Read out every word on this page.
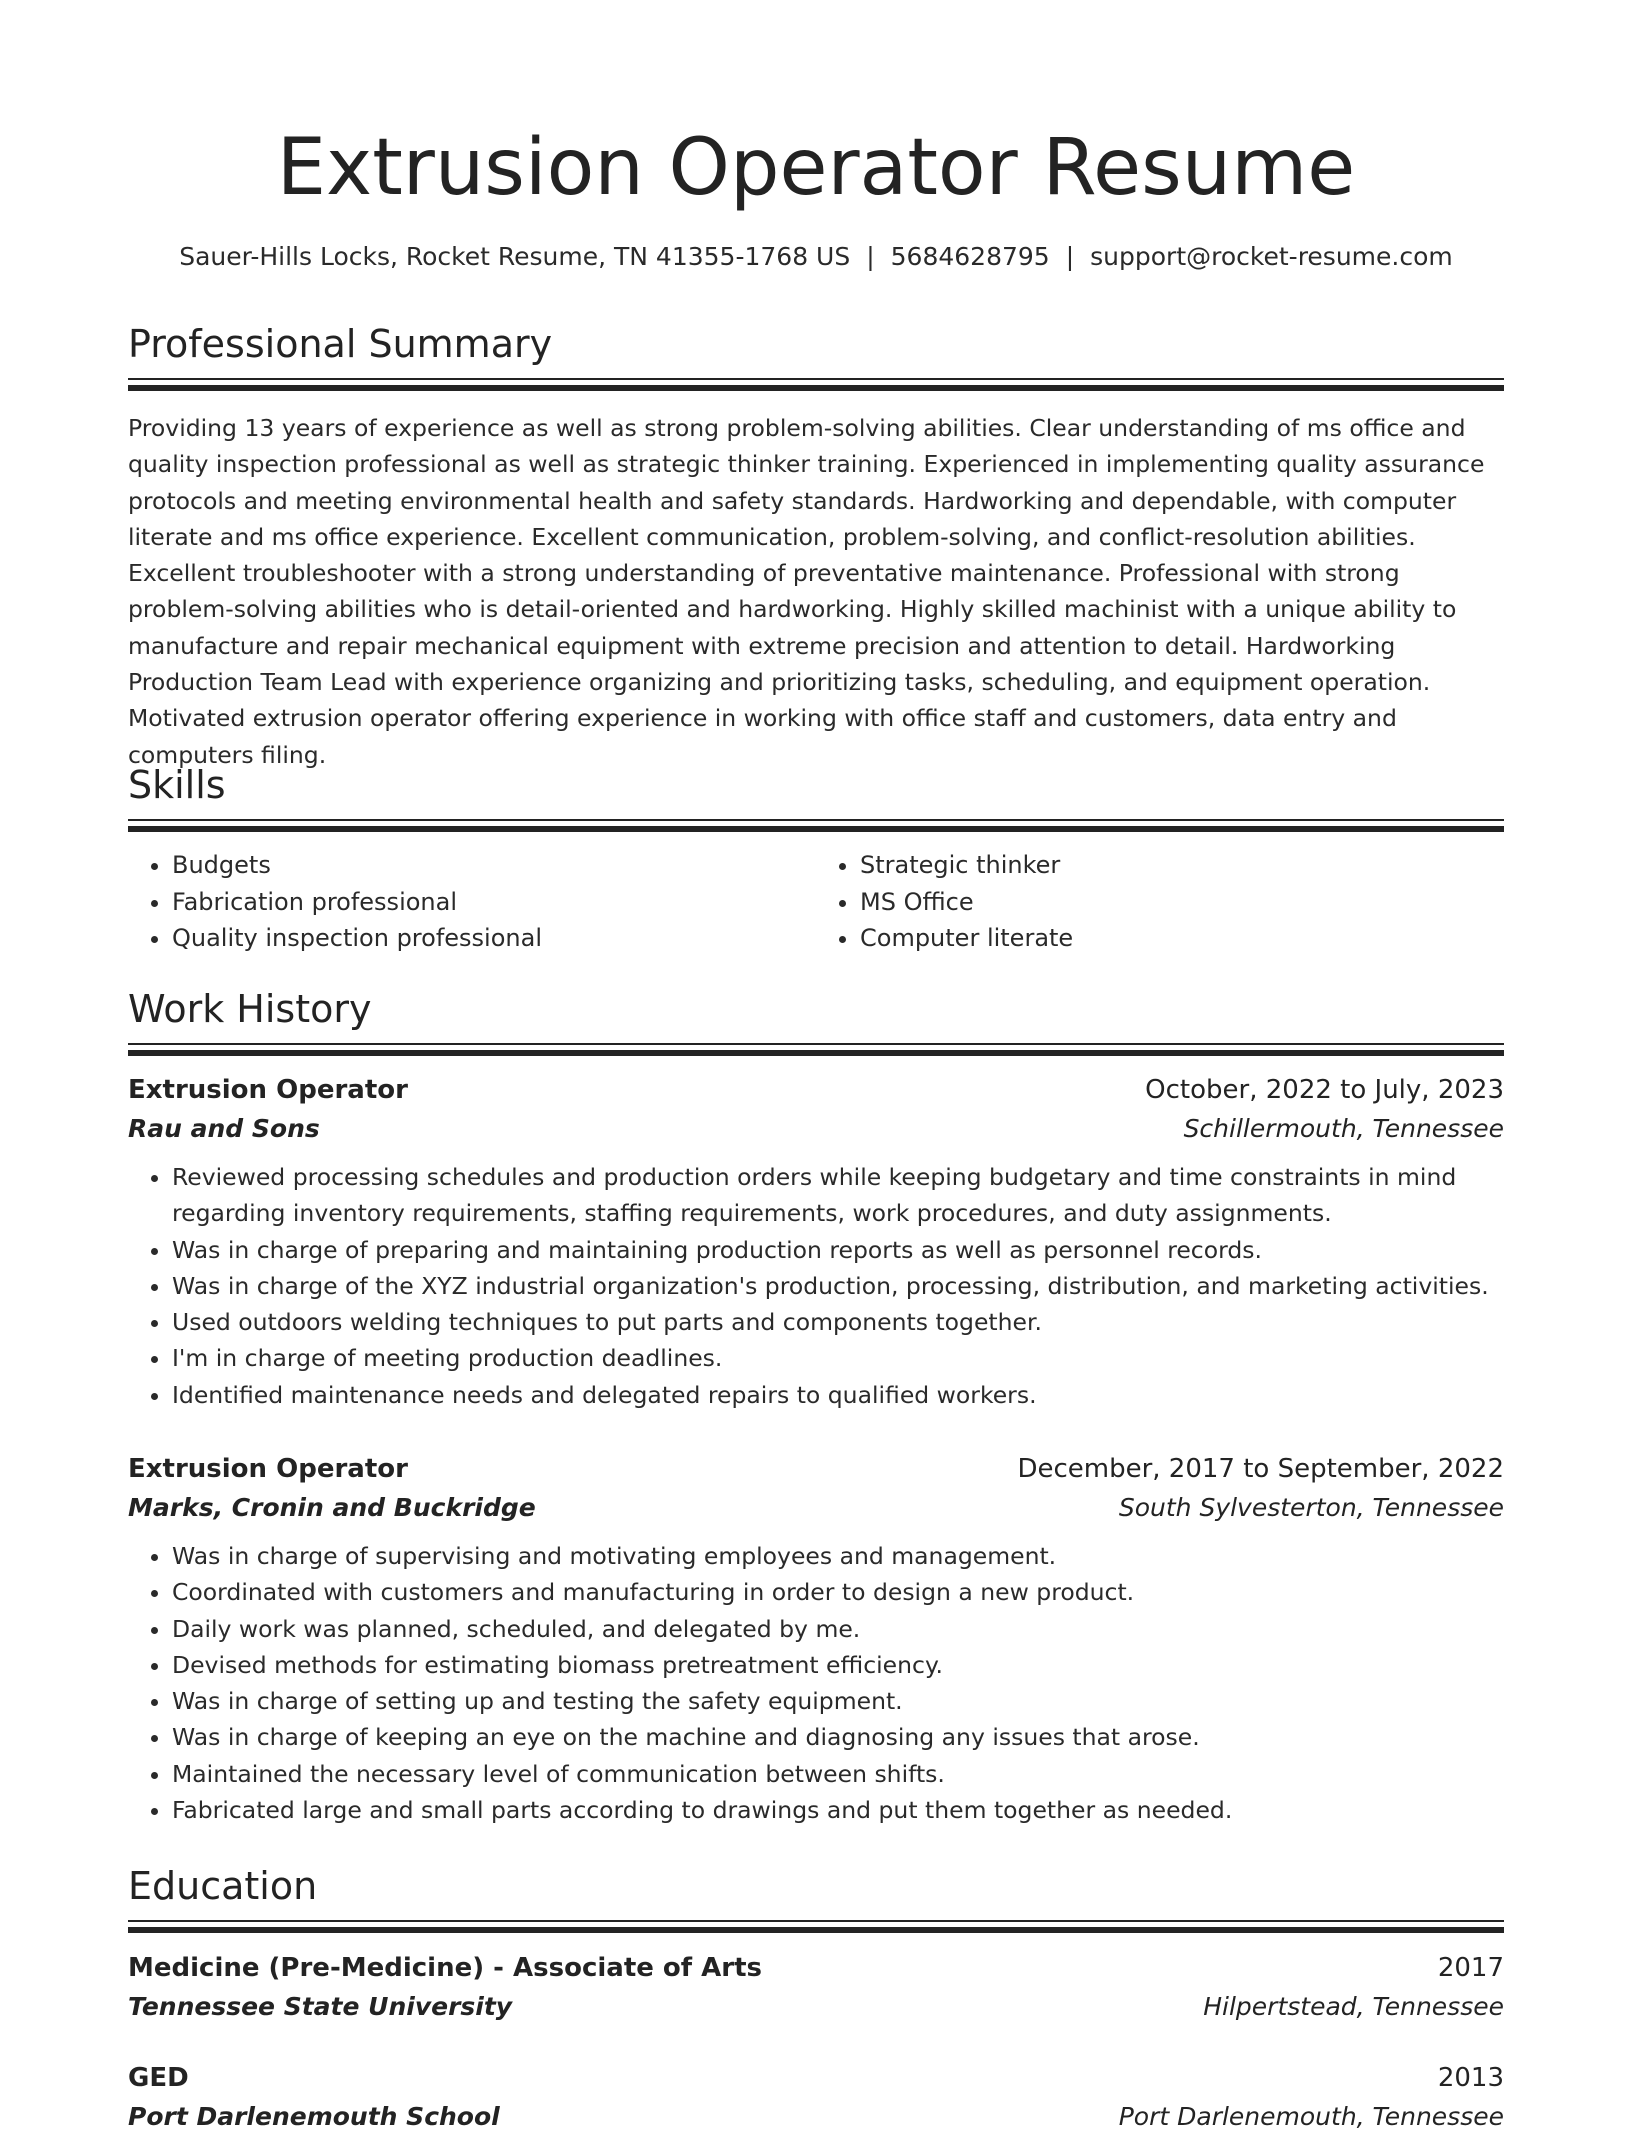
Extrusion Operator Resume
Sauer-Hills Locks, Rocket Resume, TN 41355-1768 US | 5684628795 | support@rocket-resume.com
Professional Summary

Providing 13 years of experience as well as strong problem-solving abilities. Clear understanding of ms office and quality inspection professional as well as strategic thinker training. Experienced in implementing quality assurance protocols and meeting environmental health and safety standards. Hardworking and dependable, with computer literate and ms office experience. Excellent communication, problem-solving, and conflict-resolution abilities. Excellent troubleshooter with a strong understanding of preventative maintenance. Professional with strong problem-solving abilities who is detail-oriented and hardworking. Highly skilled machinist with a unique ability to manufacture and repair mechanical equipment with extreme precision and attention to detail. Hardworking Production Team Lead with experience organizing and prioritizing tasks, scheduling, and equipment operation. Motivated extrusion operator offering experience in working with office staff and customers, data entry and computers filing.

Skills
• Budgets
• Fabrication professional
• Quality inspection professional
• Strategic thinker
• MS Office
• Computer literate
Work History
Extrusion Operator	October, 2022 to July, 2023
Rau and Sons	Schillermouth, Tennessee
• Reviewed processing schedules and production orders while keeping budgetary and time constraints in mind regarding inventory requirements, staffing requirements, work procedures, and duty assignments.
• Was in charge of preparing and maintaining production reports as well as personnel records.
• Was in charge of the XYZ industrial organization's production, processing, distribution, and marketing activities.
• Used outdoors welding techniques to put parts and components together.
• I'm in charge of meeting production deadlines.
• Identified maintenance needs and delegated repairs to qualified workers.
Extrusion Operator	December, 2017 to September, 2022
Marks, Cronin and Buckridge	South Sylvesterton, Tennessee
• Was in charge of supervising and motivating employees and management.
• Coordinated with customers and manufacturing in order to design a new product.
• Daily work was planned, scheduled, and delegated by me.
• Devised methods for estimating biomass pretreatment efficiency.
• Was in charge of setting up and testing the safety equipment.
• Was in charge of keeping an eye on the machine and diagnosing any issues that arose.
• Maintained the necessary level of communication between shifts.
• Fabricated large and small parts according to drawings and put them together as needed.
Education
Medicine (Pre-Medicine) - Associate of Arts	2017
Tennessee State University	Hilpertstead, Tennessee
GED	2013
Port Darlenemouth School	Port Darlenemouth, Tennessee
